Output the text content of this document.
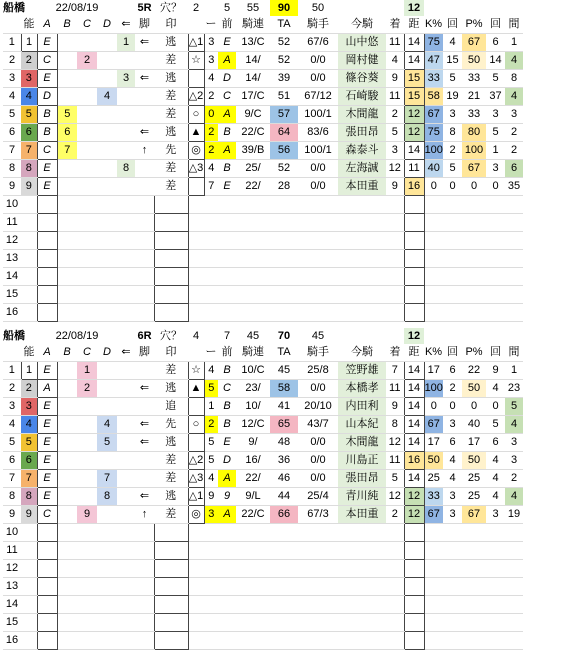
船橋		22/08/19					5R	穴？	2		5	55	90	50			12					
	能	A	B	C	D	⇐	脚	印		ー	前	騎連	TA	騎手	今騎	着	距	K%	回	P%	回	間
1	1	E				1	⇐	逃	△1	3	E	13/C	52	67/6	山中悠	11	14	75	4	67	6	1
2	2	C		2				差	☆	3	A	14/	52	0/0	岡村健	4	14	47	15	50	14	4
3	3	E				3	⇐	逃		4	D	14/	39	0/0	篠谷葵	9	15	33	5	33	5	8
4	4	D			4			差	△2	2	C	17/C	51	67/12	石崎駿	11	15	58	19	21	37	4
5	5	B	5					差	○	0	A	9/C	57	100/1	木間龍	2	12	67	3	33	3	3
6	6	B	6				⇐	逃	▲	2	B	22/C	64	83/6	張田昂	5	12	75	8	80	5	2
7	7	C	7				↑	先	◎	2	A	39/B	56	100/1	森泰斗	3	14	100	2	100	1	2
8	8	E				8		差	△3	4	B	25/	52	0/0	左海誠	12	11	40	5	67	3	6
9	9	E						差		7	E	22/	28	0/0	本田重	9	16	0	0	0	0	35
10																						
11																						
12																						
13																						
14																						
15																						
16																						
船橋		22/08/19					6R	穴？	4		7	45	70	45			12					
	能	A	B	C	D	⇐	脚	印		ー	前	騎連	TA	騎手	今騎	着	距	K%	回	P%	回	間
1	1	E		1				差	☆	4	B	10/C	45	25/8	笠野雄	7	14	17	6	22	9	1
2	2	A		2			⇐	逃	▲	5	C	23/	58	0/0	本橋孝	11	14	100	2	50	4	23
3	3	E						追		1	B	10/	41	20/10	内田利	9	14	0	0	0	0	5
4	4	E			4		⇐	先	○	2	B	12/C	65	43/7	山本紀	8	14	67	3	40	5	4
5	5	E			5		⇐	逃		5	E	9/	48	0/0	木間龍	12	14	17	6	17	6	3
6	6	E						差	△2	5	D	16/	36	0/0	川島正	11	16	50	4	50	4	3
7	7	E			7			差	△3	4	A	22/	46	0/0	張田昂	5	14	25	4	25	4	2
8	8	E			8		⇐	逃	△1	9	9	9/L	44	25/4	青川純	12	12	33	3	25	4	4
9	9	C		9			↑	差	◎	3	A	22/C	66	67/3	本田重	2	12	67	3	67	3	19
10																						
11																						
12																						
13																						
14																						
15																						
16																						
